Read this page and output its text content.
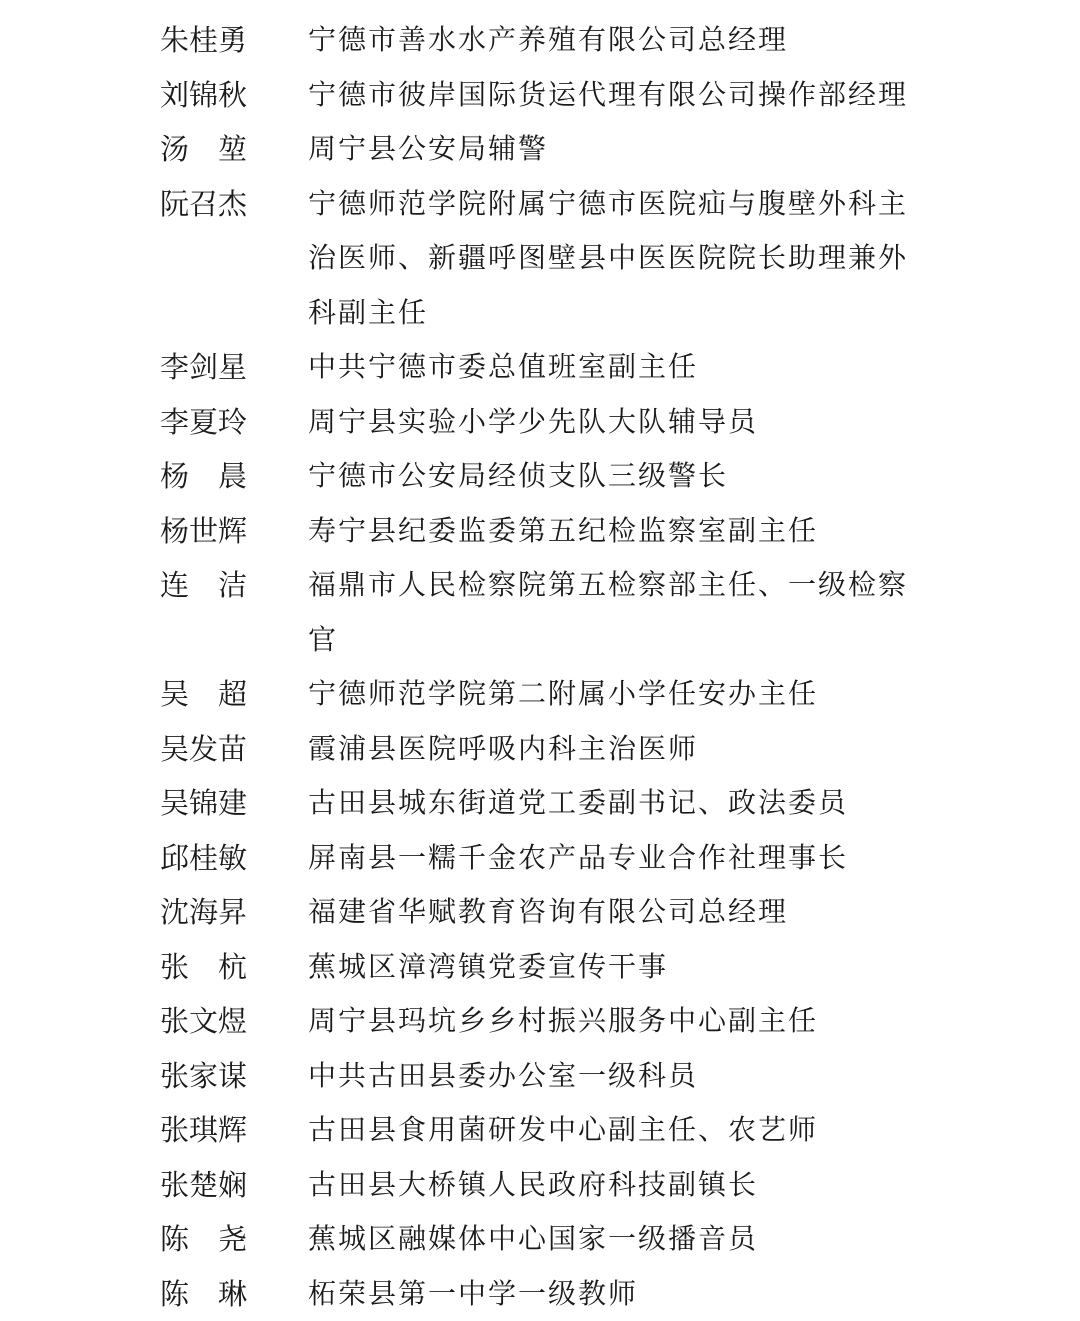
朱桂勇	宁德市善水水产养殖有限公司总经理
刘锦秋	宁德市彼岸国际货运代理有限公司操作部经理
汤　堃	周宁县公安局辅警
阮召杰	宁德师范学院附属宁德市医院疝与腹壁外科主治医师、新疆呼图壁县中医医院院长助理兼外科副主任
李剑星	中共宁德市委总值班室副主任
李夏玲	周宁县实验小学少先队大队辅导员
杨　晨	宁德市公安局经侦支队三级警长
杨世辉	寿宁县纪委监委第五纪检监察室副主任
连　洁	福鼎市人民检察院第五检察部主任、一级检察官
吴　超	宁德师范学院第二附属小学任安办主任
吴发苗	霞浦县医院呼吸内科主治医师
吴锦建	古田县城东街道党工委副书记、政法委员
邱桂敏	屏南县一糯千金农产品专业合作社理事长
沈海昇	福建省华赋教育咨询有限公司总经理
张　杭	蕉城区漳湾镇党委宣传干事
张文煜	周宁县玛坑乡乡村振兴服务中心副主任
张家谋	中共古田县委办公室一级科员
张琪辉	古田县食用菌研发中心副主任、农艺师
张楚娴	古田县大桥镇人民政府科技副镇长
陈　尧	蕉城区融媒体中心国家一级播音员
陈　琳	柘荣县第一中学一级教师
